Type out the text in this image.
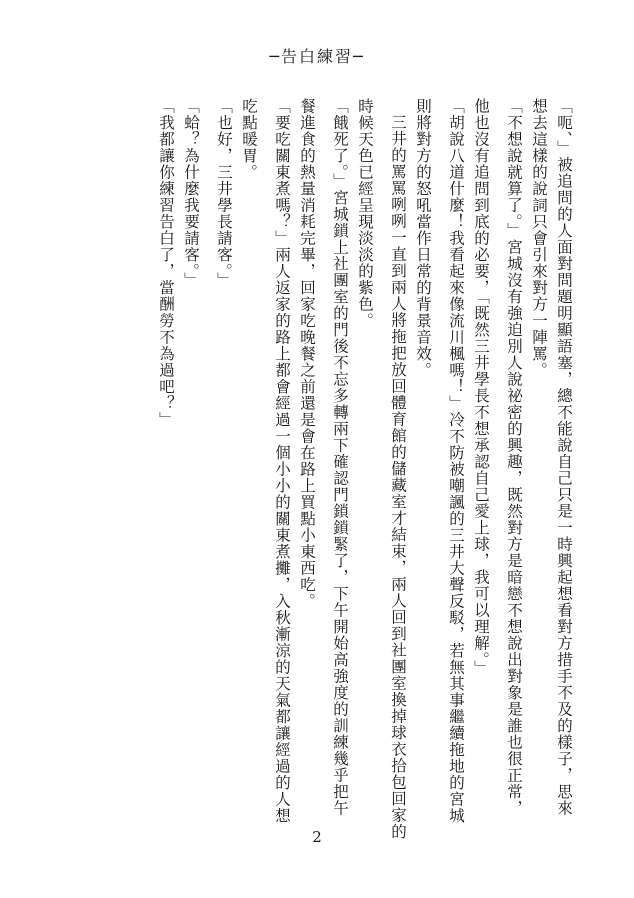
─告白練習─
「呃、」被追問的人面對問題明顯語塞，總不能說自己只是一時興起想看對方措手不及的樣子，思來
想去這樣的說詞只會引來對方一陣罵。
「不想說就算了。」宮城沒有強迫別人說祕密的興趣，既然對方是暗戀不想說出對象是誰也很正常，
他也沒有追問到底的必要，「既然三井學長不想承認自己愛上球，我可以理解。」
「胡說八道什麼！我看起來像流川楓嗎！」冷不防被嘲諷的三井大聲反駁，若無其事繼續拖地的宮城
則將對方的怒吼當作日常的背景音效。
三井的罵罵咧咧一直到兩人將拖把放回體育館的儲藏室才結束，兩人回到社團室換掉球衣拾包回家的
時候天色已經呈現淡淡的紫色。
「餓死了。」宮城鎖上社團室的門後不忘多轉兩下確認門鎖鎖緊了，下午開始高強度的訓練幾乎把午
餐進食的熱量消耗完畢，回家吃晚餐之前還是會在路上買點小東西吃。
「要吃關東煮嗎？」兩人返家的路上都會經過一個小小的關東煮攤，入秋漸涼的天氣都讓經過的人想
吃點暖胃。
「也好，三井學長請客。」
「蛤？為什麼我要請客。」
「我都讓你練習告白了，當酬勞不為過吧？」
2
